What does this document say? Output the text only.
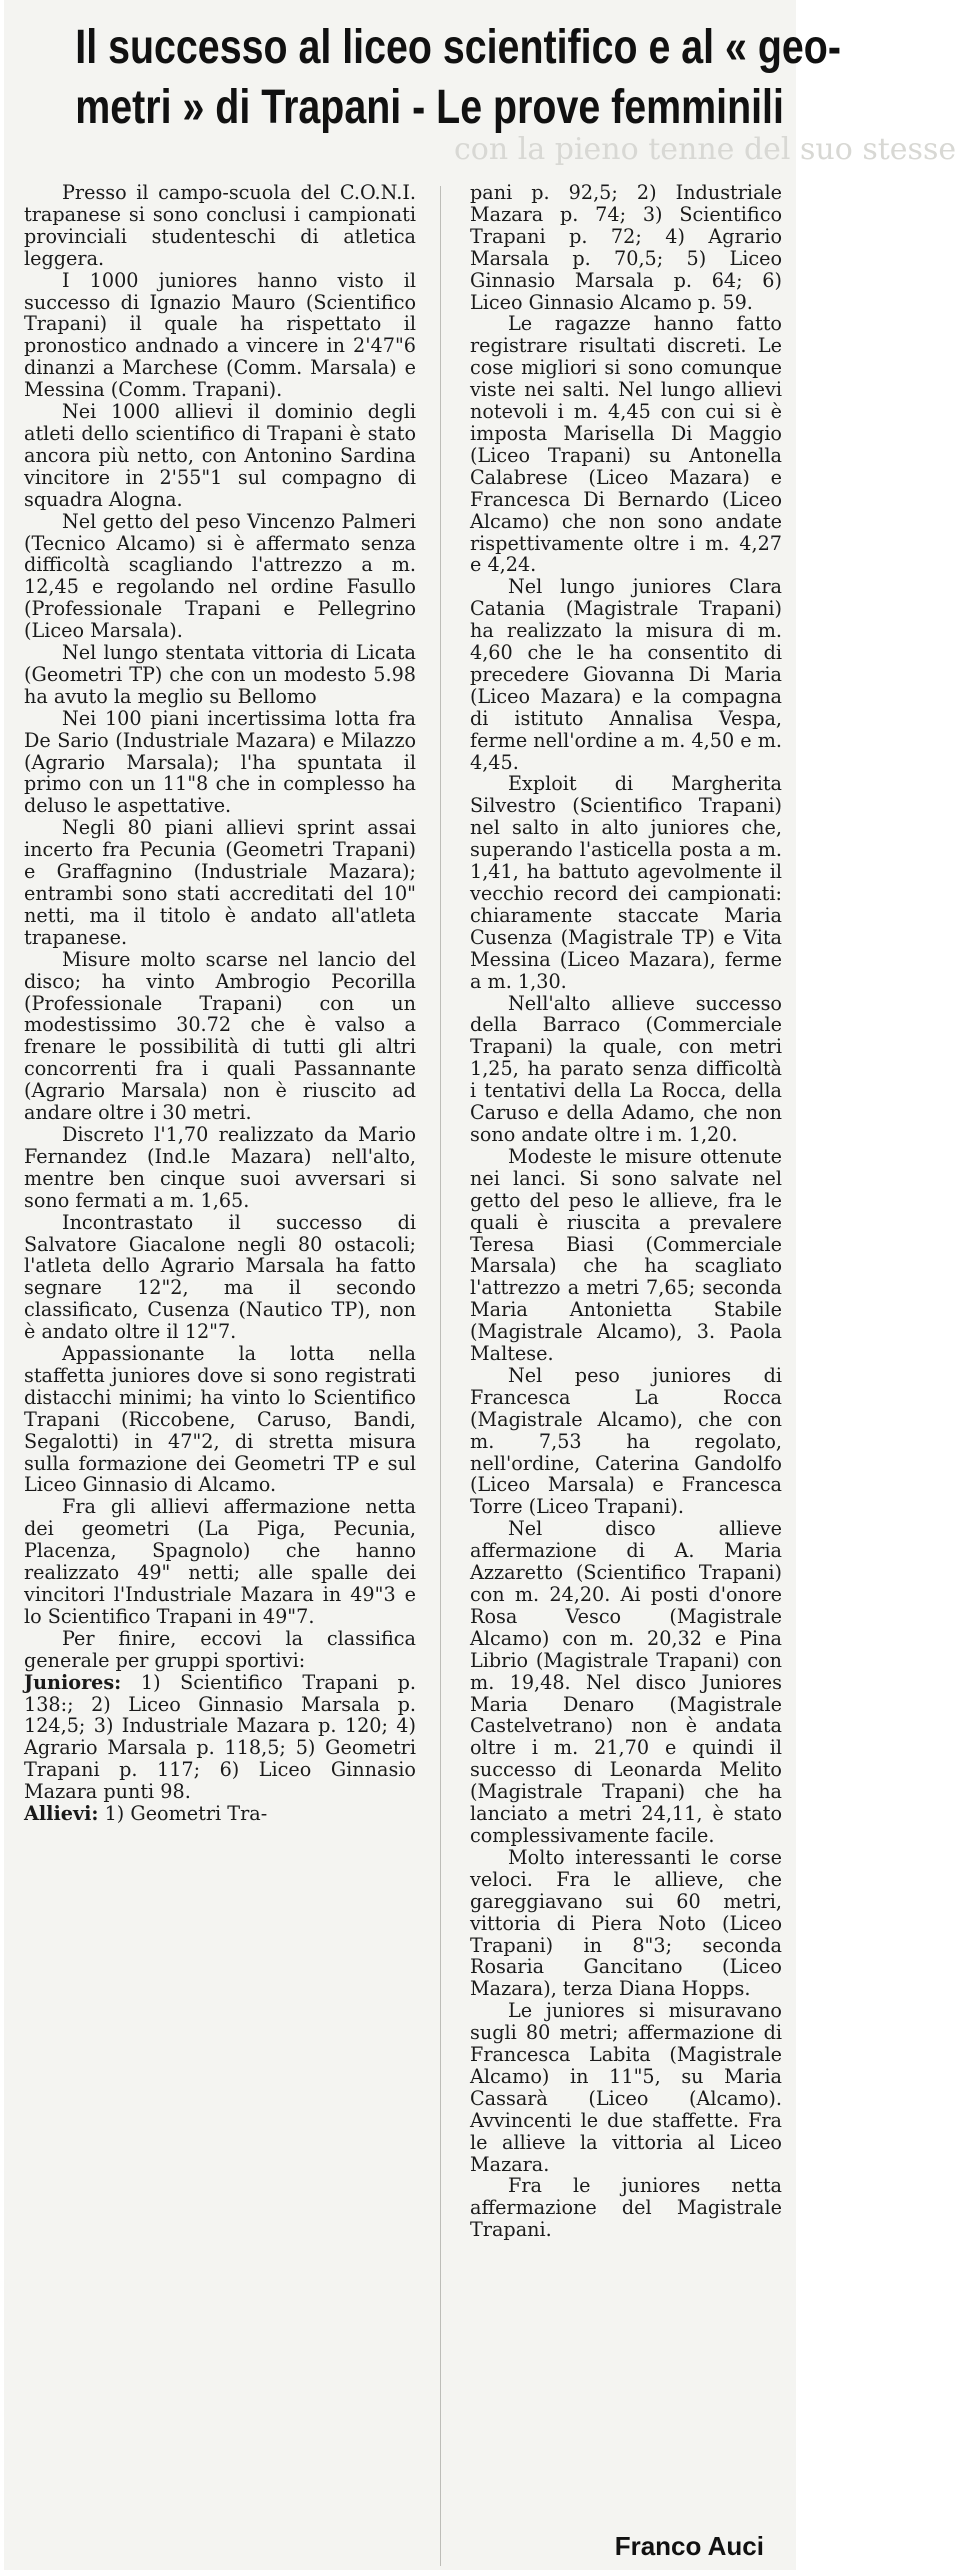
Il successo al liceo scientifico e al « geo-
metri » di Trapani - Le prove femminili
con la pieno tenne del suo stesse

Presso il campo-scuola del C.O.N.I. trapanese si sono conclusi i campionati provinciali studenteschi di atletica leggera.

I 1000 juniores hanno visto il successo di Ignazio Mauro (Scientifico Trapani) il quale ha rispettato il pronostico andnado a vincere in 2'47"6 dinanzi a Marchese (Comm. Marsala) e Messina (Comm. Trapani).

Nei 1000 allievi il dominio degli atleti dello scientifico di Trapani è stato ancora più netto, con Antonino Sardina vincitore in 2'55"1 sul compagno di squadra Alogna.

Nel getto del peso Vincenzo Palmeri (Tecnico Alcamo) si è affermato senza difficoltà scagliando l'attrezzo a m. 12,45 e regolando nel ordine Fasullo (Professionale Trapani e Pellegrino (Liceo Marsala).

Nel lungo stentata vittoria di Licata (Geometri TP) che con un modesto 5.98 ha avuto la meglio su Bellomo

Nei 100 piani incertissima lotta fra De Sario (Industriale Mazara) e Milazzo (Agrario Marsala); l'ha spuntata il primo con un 11"8 che in complesso ha deluso le aspettative.

Negli 80 piani allievi sprint assai incerto fra Pecunia (Geometri Trapani) e Graffagnino (Industriale Mazara); entrambi sono stati accreditati del 10" netti, ma il titolo è andato all'atleta trapanese.

Misure molto scarse nel lancio del disco; ha vinto Ambrogio Pecorilla (Professionale Trapani) con un modestissimo 30.72 che è valso a frenare le possibilità di tutti gli altri concorrenti fra i quali Passannante (Agrario Marsala) non è riuscito ad andare oltre i 30 metri.

Discreto l'1,70 realizzato da Mario Fernandez (Ind.le Mazara) nell'alto, mentre ben cinque suoi avversari si sono fermati a m. 1,65.

Incontrastato il successo di Salvatore Giacalone negli 80 ostacoli; l'atleta dello Agrario Marsala ha fatto segnare 12"2, ma il secondo classificato, Cusenza (Nautico TP), non è andato oltre il 12"7.

Appassionante la lotta nella staffetta juniores dove si sono registrati distacchi minimi; ha vinto lo Scientifico Trapani (Riccobene, Caruso, Bandi, Segalotti) in 47"2, di stretta misura sulla formazione dei Geometri TP e sul Liceo Ginnasio di Alcamo.

Fra gli allievi affermazione netta dei geometri (La Piga, Pecunia, Placenza, Spagnolo) che hanno realizzato 49" netti; alle spalle dei vincitori l'Industriale Mazara in 49"3 e lo Scientifico Trapani in 49"7.

Per finire, eccovi la classifica generale per gruppi sportivi:

Juniores: 1) Scientifico Trapani p. 138:; 2) Liceo Ginnasio Marsala p. 124,5; 3) Industriale Mazara p. 120; 4) Agrario Marsala p. 118,5; 5) Geometri Trapani p. 117; 6) Liceo Ginnasio Mazara punti 98.

Allievi: 1) Geometri Tra-

pani p. 92,5; 2) Industriale Mazara p. 74; 3) Scientifico Trapani p. 72; 4) Agrario Marsala p. 70,5; 5) Liceo Ginnasio Marsala p. 64; 6) Liceo Ginnasio Alcamo p. 59.

Le ragazze hanno fatto registrare risultati discreti. Le cose migliori si sono comunque viste nei salti. Nel lungo allievi notevoli i m. 4,45 con cui si è imposta Marisella Di Maggio (Liceo Trapani) su Antonella Calabrese (Liceo Mazara) e Francesca Di Bernardo (Liceo Alcamo) che non sono andate rispettivamente oltre i m. 4,27 e 4,24.

Nel lungo juniores Clara Catania (Magistrale Trapani) ha realizzato la misura di m. 4,60 che le ha consentito di precedere Giovanna Di Maria (Liceo Mazara) e la compagna di istituto Annalisa Vespa, ferme nell'ordine a m. 4,50 e m. 4,45.

Exploit di Margherita Silvestro (Scientifico Trapani) nel salto in alto juniores che, superando l'asticella posta a m. 1,41, ha battuto agevolmente il vecchio record dei campionati: chiaramente staccate Maria Cusenza (Magistrale TP) e Vita Messina (Liceo Mazara), ferme a m. 1,30.

Nell'alto allieve successo della Barraco (Commerciale Trapani) la quale, con metri 1,25, ha parato senza difficoltà i tentativi della La Rocca, della Caruso e della Adamo, che non sono andate oltre i m. 1,20.

Modeste le misure ottenute nei lanci. Si sono salvate nel getto del peso le allieve, fra le quali è riuscita a prevalere Teresa Biasi (Commerciale Marsala) che ha scagliato l'attrezzo a metri 7,65; seconda Maria Antonietta Stabile (Magistrale Alcamo), 3. Paola Maltese.

Nel peso juniores di Francesca La Rocca (Magistrale Alcamo), che con m. 7,53 ha regolato, nell'ordine, Caterina Gandolfo (Liceo Marsala) e Francesca Torre (Liceo Trapani).

Nel disco allieve affermazione di A. Maria Azzaretto (Scientifico Trapani) con m. 24,20. Ai posti d'onore Rosa Vesco (Magistrale Alcamo) con m. 20,32 e Pina Librio (Magistrale Trapani) con m. 19,48. Nel disco Juniores Maria Denaro (Magistrale Castelvetrano) non è andata oltre i m. 21,70 e quindi il successo di Leonarda Melito (Magistrale Trapani) che ha lanciato a metri 24,11, è stato complessivamente facile.

Molto interessanti le corse veloci. Fra le allieve, che gareggiavano sui 60 metri, vittoria di Piera Noto (Liceo Trapani) in 8"3; seconda Rosaria Gancitano (Liceo Mazara), terza Diana Hopps.

Le juniores si misuravano sugli 80 metri; affermazione di Francesca Labita (Magistrale Alcamo) in 11"5, su Maria Cassarà (Liceo (Alcamo). Avvincenti le due staffette. Fra le allieve la vittoria al Liceo Mazara.

Fra le juniores netta affermazione del Magistrale Trapani.

Franco Auci
